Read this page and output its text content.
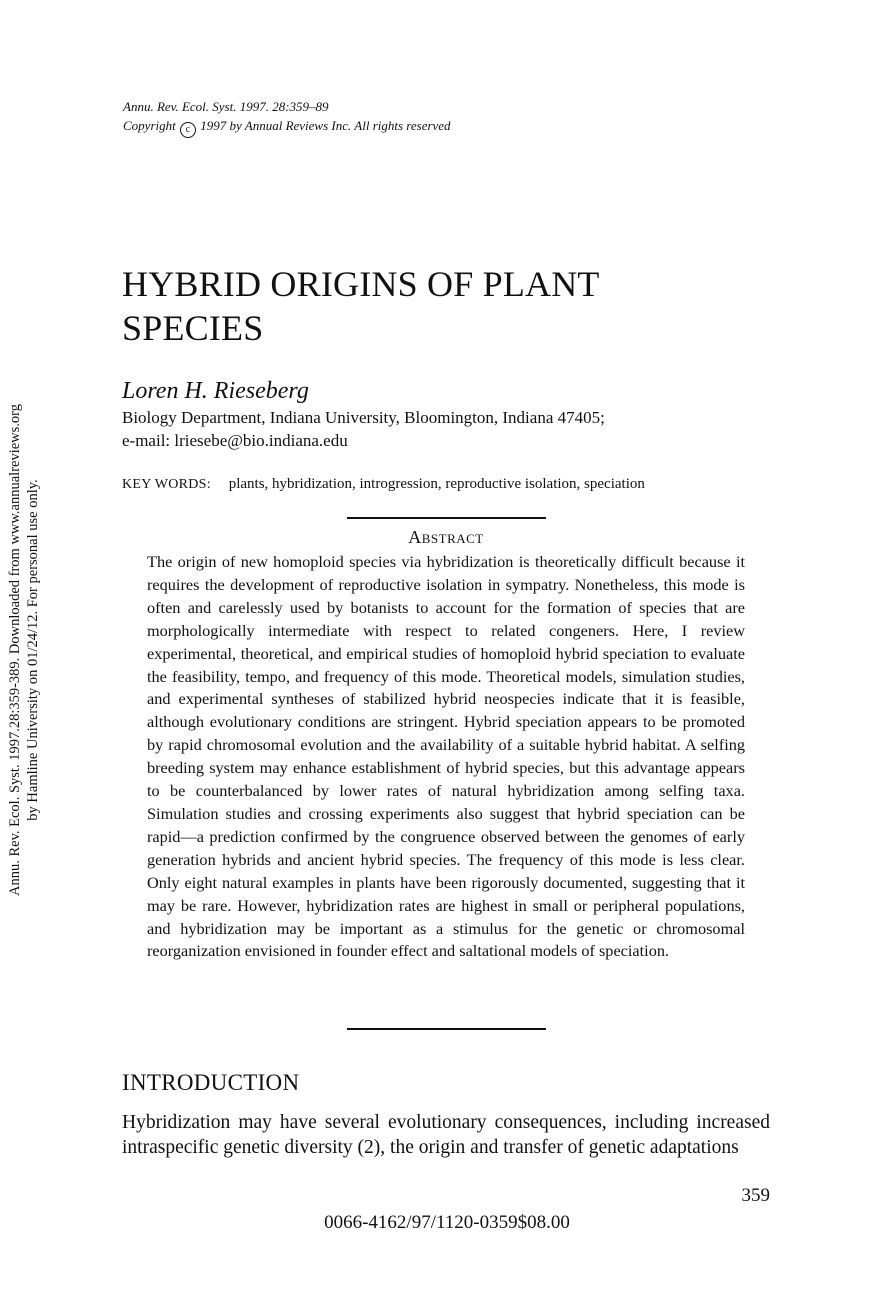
Annu. Rev. Ecol. Syst. 1997.28:359-389. Downloaded from www.annualreviews.org by Hamline University on 01/24/12. For personal use only.
Annu. Rev. Ecol. Syst. 1997. 28:359–89
Copyright c 1997 by Annual Reviews Inc. All rights reserved
HYBRID ORIGINS OF PLANT
SPECIES
Loren H. Rieseberg
Biology Department, Indiana University, Bloomington, Indiana 47405;
e-mail: lriesebe@bio.indiana.edu
KEY WORDS: plants, hybridization, introgression, reproductive isolation, speciation
Abstract
The origin of new homoploid species via hybridization is theoretically difficult because it requires the development of reproductive isolation in sympatry. Nonetheless, this mode is often and carelessly used by botanists to account for the formation of species that are morphologically intermediate with respect to related congeners. Here, I review experimental, theoretical, and empirical studies of homoploid hybrid speciation to evaluate the feasibility, tempo, and frequency of this mode. Theoretical models, simulation studies, and experimental syntheses of stabilized hybrid neospecies indicate that it is feasible, although evolutionary conditions are stringent. Hybrid speciation appears to be promoted by rapid chromosomal evolution and the availability of a suitable hybrid habitat. A selfing breeding system may enhance establishment of hybrid species, but this advantage appears to be counterbalanced by lower rates of natural hybridization among selfing taxa. Simulation studies and crossing experiments also suggest that hybrid speciation can be rapid—a prediction confirmed by the congruence observed between the genomes of early generation hybrids and ancient hybrid species. The frequency of this mode is less clear. Only eight natural examples in plants have been rigorously documented, suggesting that it may be rare. However, hybridization rates are highest in small or peripheral populations, and hybridization may be important as a stimulus for the genetic or chromosomal reorganization envisioned in founder effect and saltational models of speciation.
INTRODUCTION
Hybridization may have several evolutionary consequences, including increased intraspecific genetic diversity (2), the origin and transfer of genetic adaptations
359
0066-4162/97/1120-0359$08.00
